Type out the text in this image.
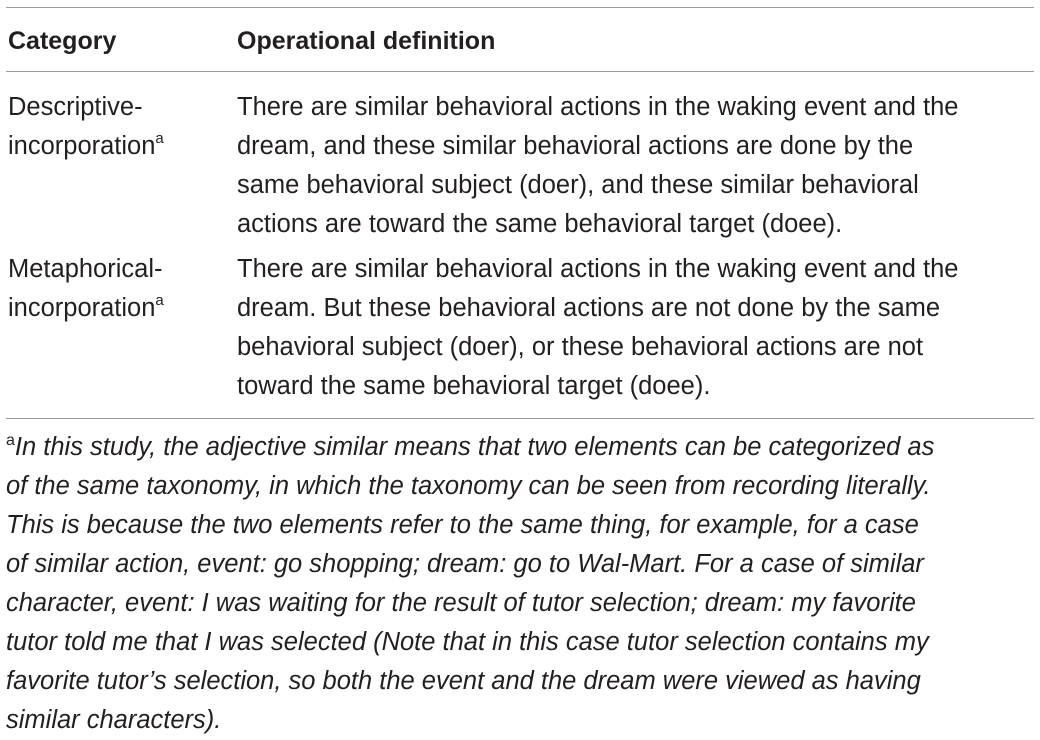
Category	Operational definition
Descriptive-
incorporation$^a$
There are similar behavioral actions in the waking event and the
dream, and these similar behavioral actions are done by the
same behavioral subject (doer), and these similar behavioral
actions are toward the same behavioral target (doee).
Metaphorical-
incorporation$^a$
There are similar behavioral actions in the waking event and the
dream. But these behavioral actions are not done by the same
behavioral subject (doer), or these behavioral actions are not
toward the same behavioral target (doee).
$^a$In this study, the adjective similar means that two elements can be categorized as
of the same taxonomy, in which the taxonomy can be seen from recording literally.
This is because the two elements refer to the same thing, for example, for a case
of similar action, event: go shopping; dream: go to Wal-Mart. For a case of similar
character, event: I was waiting for the result of tutor selection; dream: my favorite
tutor told me that I was selected (Note that in this case tutor selection contains my
favorite tutor’s selection, so both the event and the dream were viewed as having
similar characters).
